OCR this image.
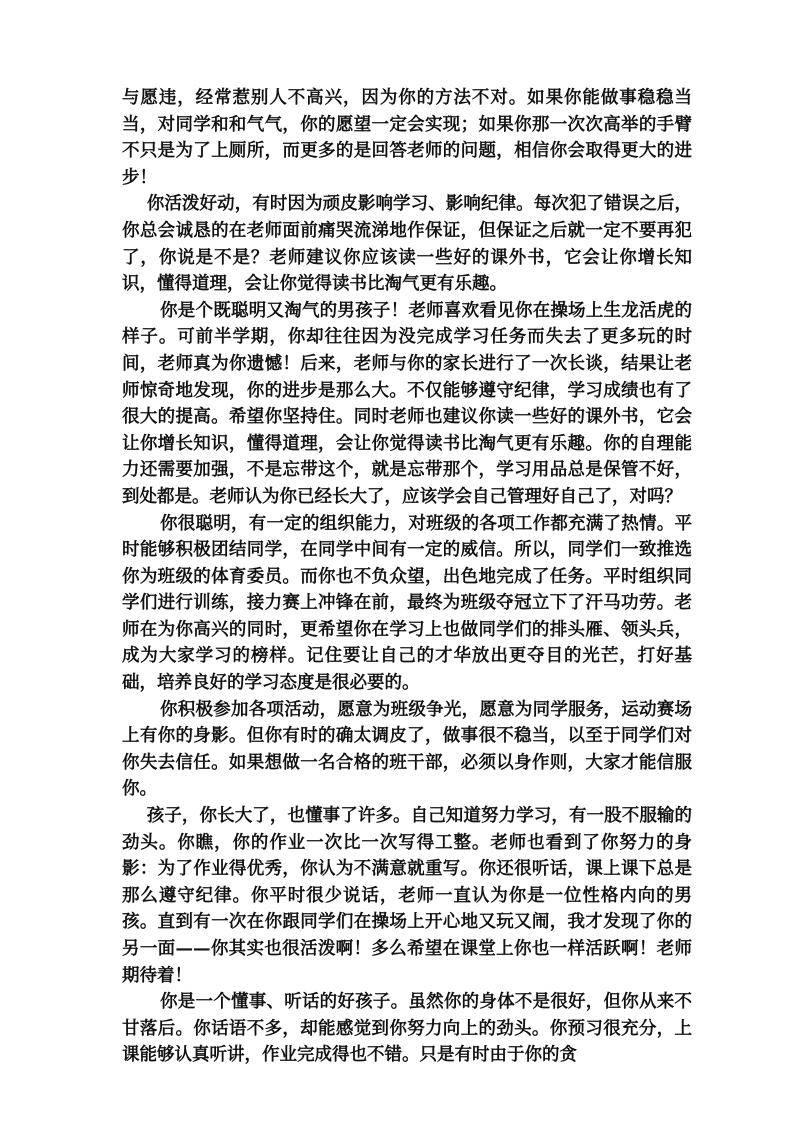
与愿违，经常惹别人不高兴，因为你的方法不对。如果你能做事稳稳当当，对同学和和气气，你的愿望一定会实现；如果你那一次次高举的手臂不只是为了上厕所，而更多的是回答老师的问题，相信你会取得更大的进步！

你活泼好动，有时因为顽皮影响学习、影响纪律。每次犯了错误之后，你总会诚恳的在老师面前痛哭流涕地作保证，但保证之后就一定不要再犯了，你说是不是？老师建议你应该读一些好的课外书，它会让你增长知识，懂得道理，会让你觉得读书比淘气更有乐趣。

你是个既聪明又淘气的男孩子！老师喜欢看见你在操场上生龙活虎的样子。可前半学期，你却往往因为没完成学习任务而失去了更多玩的时间，老师真为你遗憾！后来，老师与你的家长进行了一次长谈，结果让老师惊奇地发现，你的进步是那么大。不仅能够遵守纪律，学习成绩也有了很大的提高。希望你坚持住。同时老师也建议你读一些好的课外书，它会让你增长知识，懂得道理，会让你觉得读书比淘气更有乐趣。你的自理能力还需要加强，不是忘带这个，就是忘带那个，学习用品总是保管不好，到处都是。老师认为你已经长大了，应该学会自己管理好自己了，对吗？

你很聪明，有一定的组织能力，对班级的各项工作都充满了热情。平时能够积极团结同学，在同学中间有一定的威信。所以，同学们一致推选你为班级的体育委员。而你也不负众望，出色地完成了任务。平时组织同学们进行训练，接力赛上冲锋在前，最终为班级夺冠立下了汗马功劳。老师在为你高兴的同时，更希望你在学习上也做同学们的排头雁、领头兵，成为大家学习的榜样。记住要让自己的才华放出更夺目的光芒，打好基础，培养良好的学习态度是很必要的。

你积极参加各项活动，愿意为班级争光，愿意为同学服务，运动赛场上有你的身影。但你有时的确太调皮了，做事很不稳当，以至于同学们对你失去信任。如果想做一名合格的班干部，必须以身作则，大家才能信服你。

孩子，你长大了，也懂事了许多。自己知道努力学习，有一股不服输的劲头。你瞧，你的作业一次比一次写得工整。老师也看到了你努力的身影：为了作业得优秀，你认为不满意就重写。你还很听话，课上课下总是那么遵守纪律。你平时很少说话，老师一直认为你是一位性格内向的男孩。直到有一次在你跟同学们在操场上开心地又玩又闹，我才发现了你的另一面——你其实也很活泼啊！多么希望在课堂上你也一样活跃啊！老师期待着！

你是一个懂事、听话的好孩子。虽然你的身体不是很好，但你从来不甘落后。你话语不多，却能感觉到你努力向上的劲头。你预习很充分，上课能够认真听讲，作业完成得也不错。只是有时由于你的贪
